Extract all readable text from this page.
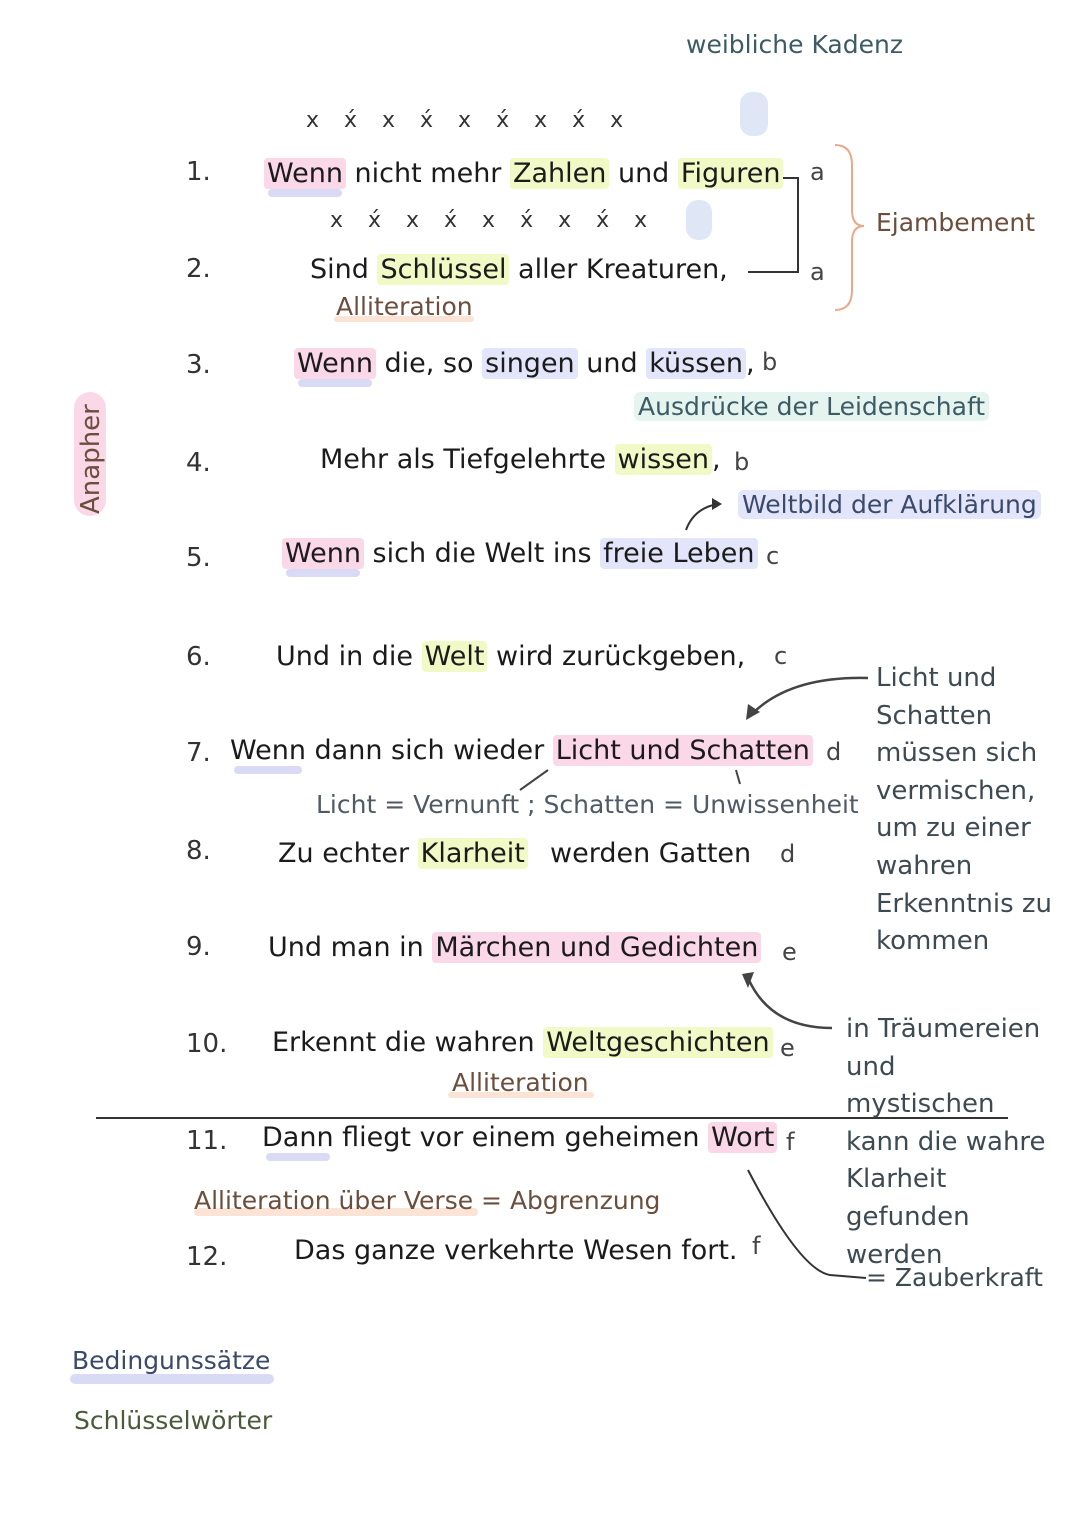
weibliche Kadenz
x x́ x x́ x x́ x x́ x
x x́ x x́ x x́ x x́ x
1.
2.
3.
4.
5.
6.
7.
8.
9.
10.
11.
12.
Wenn nicht mehr Zahlen und Figuren
Sind Schlüssel aller Kreaturen,
Wenn die, so singen und küssen ,
Mehr als Tiefgelehrte wissen ,
Wenn sich die Welt ins freie Leben
Und in die Welt wird zurückgeben,
Wenn dann sich wieder Licht und Schatten
Zu echter Klarheit werden Gatten
Und man in Märchen und Gedichten
Erkennt die wahren Weltgeschichten
Dann fliegt vor einem geheimen Wort
Das ganze verkehrte Wesen fort.
a
a
b
b
c
c
d
d
e
e
f
f
Ejambement
Alliteration
Ausdrücke der Leidenschaft
Weltbild der Aufklärung
Anapher
Licht = Vernunft ; Schatten = Unwissenheit
Alliteration
Alliteration über Verse = Abgrenzung
= Zauberkraft
Licht und Schatten müssen sich vermischen, um zu einer wahren Erkenntnis zu kommen
in Träumereien und mystischen kann die wahre Klarheit gefunden werden
Bedingunssätze
Schlüsselwörter
